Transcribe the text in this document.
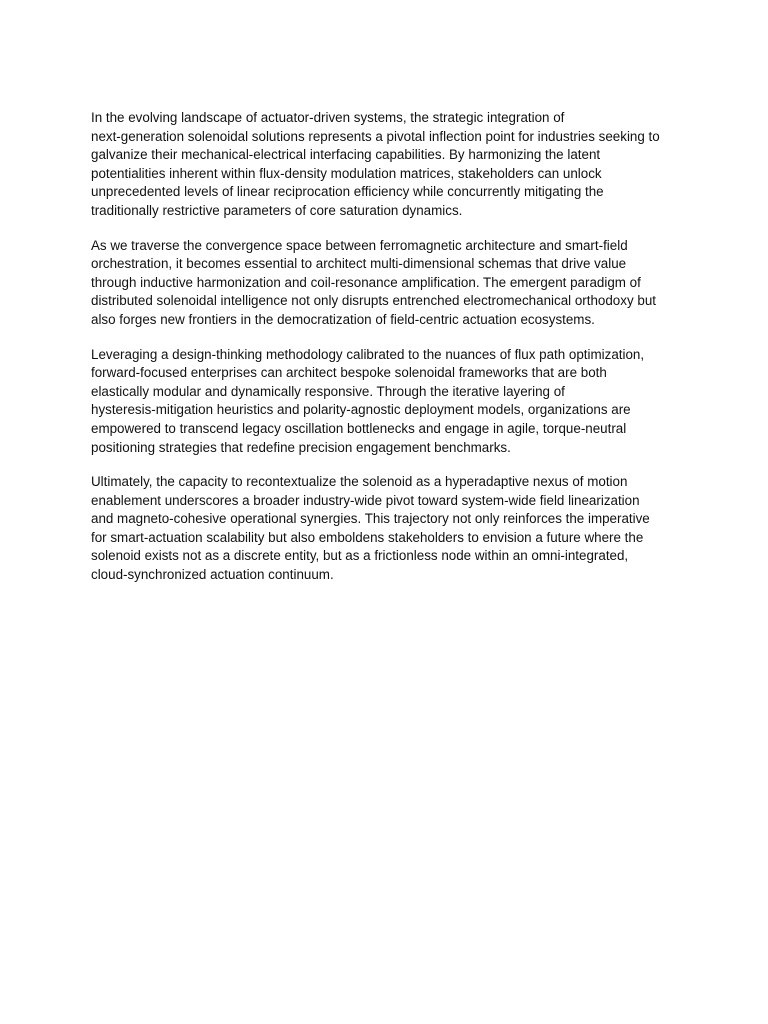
In the evolving landscape of actuator-driven systems, the strategic integration of
next-generation solenoidal solutions represents a pivotal inflection point for industries seeking to
galvanize their mechanical-electrical interfacing capabilities. By harmonizing the latent
potentialities inherent within flux-density modulation matrices, stakeholders can unlock
unprecedented levels of linear reciprocation efficiency while concurrently mitigating the
traditionally restrictive parameters of core saturation dynamics.

As we traverse the convergence space between ferromagnetic architecture and smart-field
orchestration, it becomes essential to architect multi-dimensional schemas that drive value
through inductive harmonization and coil-resonance amplification. The emergent paradigm of
distributed solenoidal intelligence not only disrupts entrenched electromechanical orthodoxy but
also forges new frontiers in the democratization of field-centric actuation ecosystems.

Leveraging a design-thinking methodology calibrated to the nuances of flux path optimization,
forward-focused enterprises can architect bespoke solenoidal frameworks that are both
elastically modular and dynamically responsive. Through the iterative layering of
hysteresis-mitigation heuristics and polarity-agnostic deployment models, organizations are
empowered to transcend legacy oscillation bottlenecks and engage in agile, torque-neutral
positioning strategies that redefine precision engagement benchmarks.

Ultimately, the capacity to recontextualize the solenoid as a hyperadaptive nexus of motion
enablement underscores a broader industry-wide pivot toward system-wide field linearization
and magneto-cohesive operational synergies. This trajectory not only reinforces the imperative
for smart-actuation scalability but also emboldens stakeholders to envision a future where the
solenoid exists not as a discrete entity, but as a frictionless node within an omni-integrated,
cloud-synchronized actuation continuum.
